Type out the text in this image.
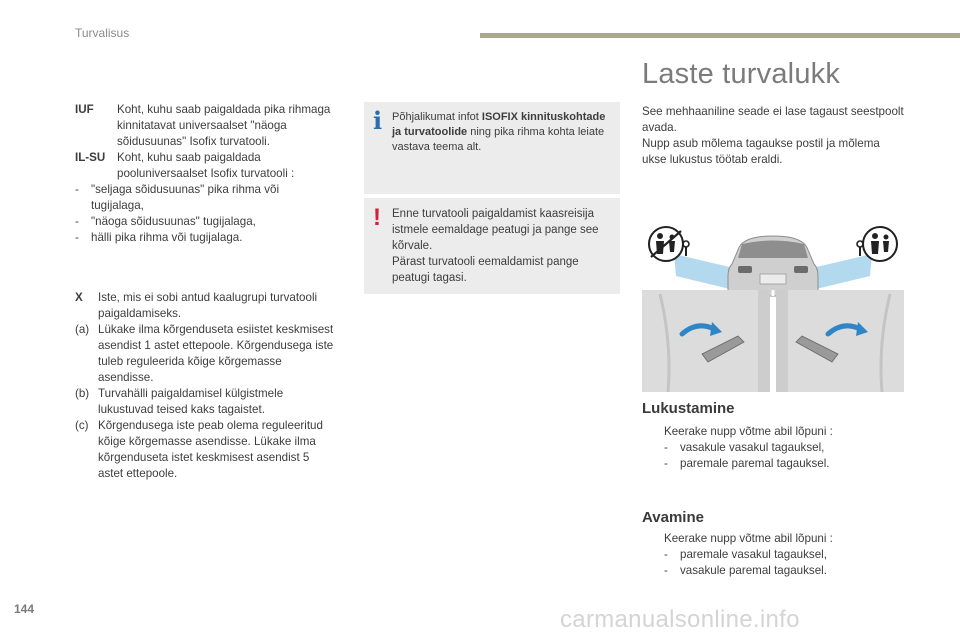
Turvalisus
IUF	Koht, kuhu saab paigaldada pika rihmaga kinnitatavat universaalset "näoga sõidusuunas" Isofix turvatooli.
IL-SU	Koht, kuhu saab paigaldada pooluniversaalset Isofix turvatooli :
-	"seljaga sõidusuunas" pika rihma või tugijalaga,
-	"näoga sõidusuunas" tugijalaga,
-	hälli pika rihma või tugijalaga.
X	Iste, mis ei sobi antud kaalugrupi turvatooli paigaldamiseks.
(a) Lükake ilma kõrgenduseta esiistet keskmisest asendist 1 astet ettepoole. Kõrgendusega iste tuleb reguleerida kõige kõrgemasse asendisse.
(b) Turvahälli paigaldamisel külgistmele lukustuvad teised kaks tagaistet.
(c) Kõrgendusega iste peab olema reguleeritud kõige kõrgemasse asendisse. Lükake ilma kõrgenduseta istet keskmisest asendist 5 astet ettepoole.
i Põhjalikumat infot ISOFIX kinnituskohtade ja turvatoolide ning pika rihma kohta leiate vastava teema alt.
! Enne turvatooli paigaldamist kaasreisija istmele eemaldage peatugi ja pange see kõrvale.
Pärast turvatooli eemaldamist pange peatugi tagasi.
Laste turvalukk
See mehhaaniline seade ei lase tagaust seestpoolt avada.
Nupp asub mõlema tagaukse postil ja mõlema ukse lukustus töötab eraldi.
Lukustamine
Keerake nupp võtme abil lõpuni :
-	vasakule vasakul tagauksel,
-	paremale paremal tagauksel.
Avamine
Keerake nupp võtme abil lõpuni :
-	paremale vasakul tagauksel,
-	vasakule paremal tagauksel.
144	carmanualsonline.info
